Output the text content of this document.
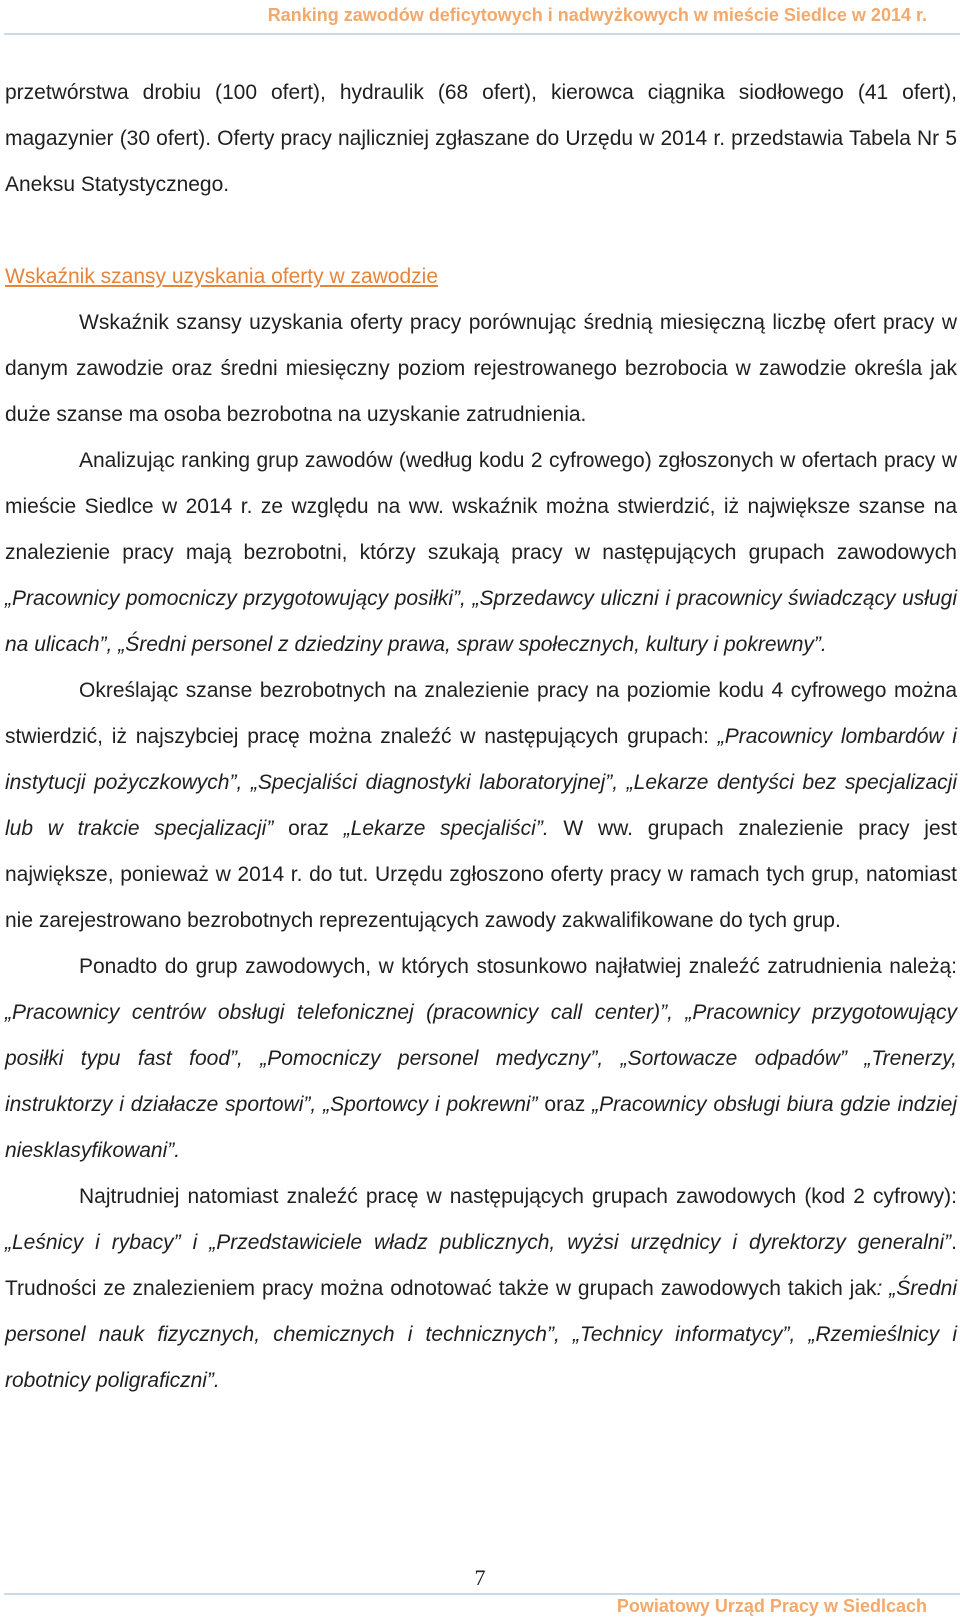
Ranking zawodów deficytowych i nadwyżkowych w mieście Siedlce w 2014 r.

przetwórstwa drobiu (100 ofert), hydraulik (68 ofert), kierowca ciągnika siodłowego (41 ofert), magazynier (30 ofert). Oferty pracy najliczniej zgłaszane do Urzędu w 2014 r. przedstawia Tabela Nr 5 Aneksu Statystycznego.

Wskaźnik szansy uzyskania oferty w zawodzie

Wskaźnik szansy uzyskania oferty pracy porównując średnią miesięczną liczbę ofert pracy w danym zawodzie oraz średni miesięczny poziom rejestrowanego bezrobocia w zawodzie określa jak duże szanse ma osoba bezrobotna na uzyskanie zatrudnienia.

Analizując ranking grup zawodów (według kodu 2 cyfrowego) zgłoszonych w ofertach pracy w mieście Siedlce w 2014 r. ze względu na ww. wskaźnik można stwierdzić, iż największe szanse na znalezienie pracy mają bezrobotni, którzy szukają pracy w następujących grupach zawodowych „Pracownicy pomocniczy przygotowujący posiłki”, „Sprzedawcy uliczni i pracownicy świadczący usługi na ulicach”, „Średni personel z dziedziny prawa, spraw społecznych, kultury i pokrewny”.

Określając szanse bezrobotnych na znalezienie pracy na poziomie kodu 4 cyfrowego można stwierdzić, iż najszybciej pracę można znaleźć w następujących grupach: „Pracownicy lombardów i instytucji pożyczkowych”, „Specjaliści diagnostyki laboratoryjnej”, „Lekarze dentyści bez specjalizacji lub w trakcie specjalizacji” oraz „Lekarze specjaliści”. W ww. grupach znalezienie pracy jest największe, ponieważ w 2014 r. do tut. Urzędu zgłoszono oferty pracy w ramach tych grup, natomiast nie zarejestrowano bezrobotnych reprezentujących zawody zakwalifikowane do tych grup.

Ponadto do grup zawodowych, w których stosunkowo najłatwiej znaleźć zatrudnienia należą: „Pracownicy centrów obsługi telefonicznej (pracownicy call center)”, „Pracownicy przygotowujący posiłki typu fast food”, „Pomocniczy personel medyczny”, „Sortowacze odpadów” „Trenerzy, instruktorzy i działacze sportowi”, „Sportowcy i pokrewni” oraz „Pracownicy obsługi biura gdzie indziej niesklasyfikowani”.

Najtrudniej natomiast znaleźć pracę w następujących grupach zawodowych (kod 2 cyfrowy): „Leśnicy i rybacy” i „Przedstawiciele władz publicznych, wyżsi urzędnicy i dyrektorzy generalni”. Trudności ze znalezieniem pracy można odnotować także w grupach zawodowych takich jak: „Średni personel nauk fizycznych, chemicznych i technicznych”, „Technicy informatycy”, „Rzemieślnicy i robotnicy poligraficzni”.

7
Powiatowy Urząd Pracy w Siedlcach
